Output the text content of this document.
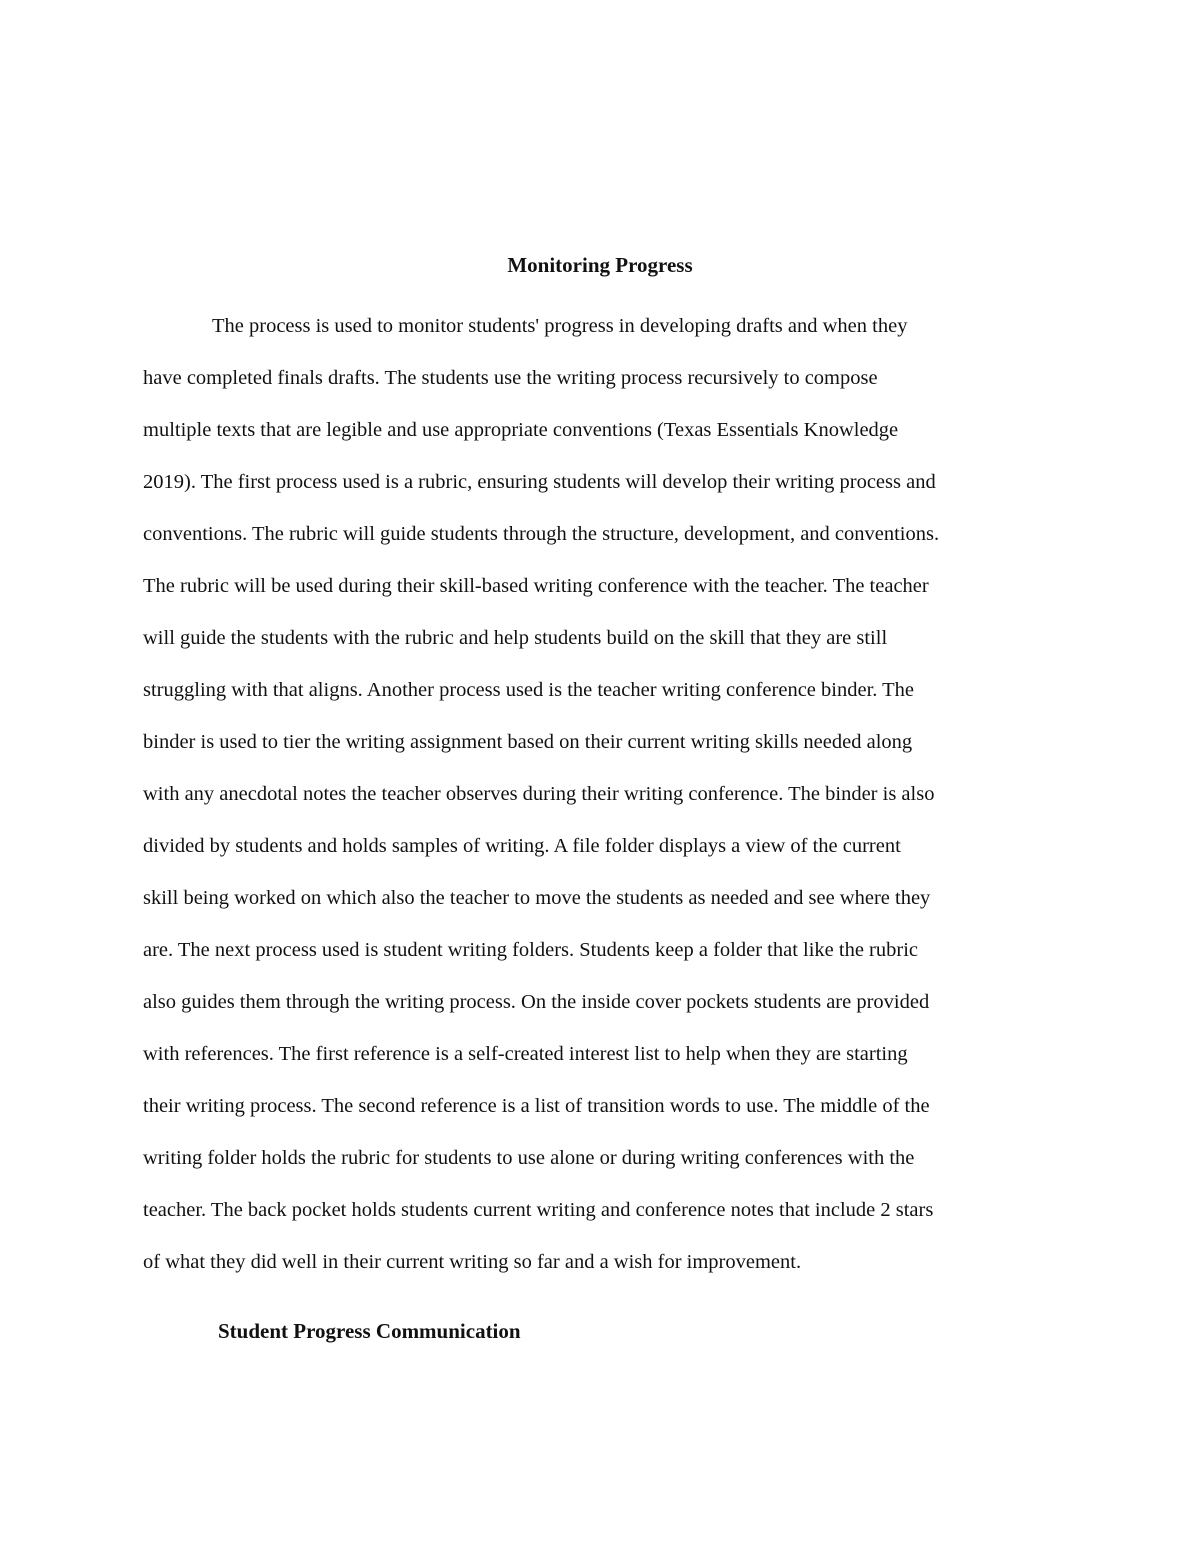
Monitoring Progress

The process is used to monitor students' progress in developing drafts and when they

have completed finals drafts. The students use the writing process recursively to compose

multiple texts that are legible and use appropriate conventions (Texas Essentials Knowledge

2019). The first process used is a rubric, ensuring students will develop their writing process and

conventions. The rubric will guide students through the structure, development, and conventions.

The rubric will be used during their skill-based writing conference with the teacher. The teacher

will guide the students with the rubric and help students build on the skill that they are still

struggling with that aligns. Another process used is the teacher writing conference binder. The

binder is used to tier the writing assignment based on their current writing skills needed along

with any anecdotal notes the teacher observes during their writing conference. The binder is also

divided by students and holds samples of writing. A file folder displays a view of the current

skill being worked on which also the teacher to move the students as needed and see where they

are. The next process used is student writing folders. Students keep a folder that like the rubric

also guides them through the writing process. On the inside cover pockets students are provided

with references. The first reference is a self-created interest list to help when they are starting

their writing process. The second reference is a list of transition words to use. The middle of the

writing folder holds the rubric for students to use alone or during writing conferences with the

teacher. The back pocket holds students current writing and conference notes that include 2 stars

of what they did well in their current writing so far and a wish for improvement.

Student Progress Communication
